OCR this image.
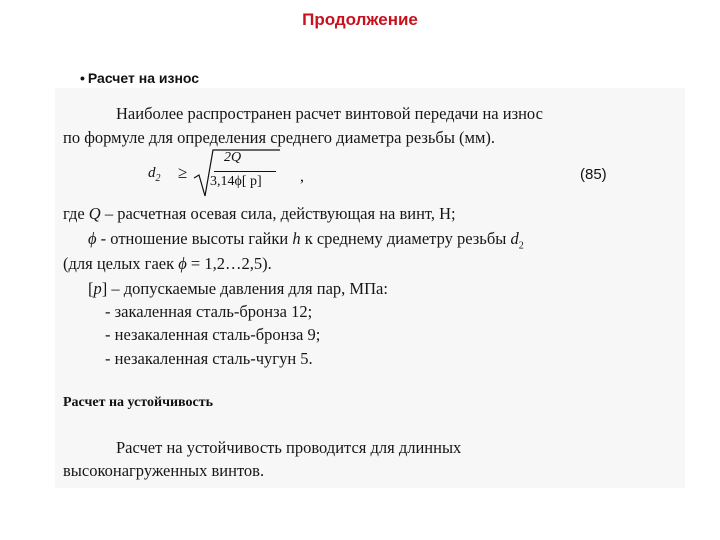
Продолжение
• Расчет на износ
Наиболее распространен расчет винтовой передачи на износ
по формуле для определения среднего диаметра резьбы (мм).
$d_2$ ≥
2Q
3,14ϕ[ p] ,	(85)
где Q – расчетная осевая сила, действующая на винт, Н;
ϕ - отношение высоты гайки h к среднему диаметру резьбы $d_2$
(для целых гаек ϕ = 1,2…2,5).
[p] – допускаемые давления для пар, МПа:
- закаленная сталь-бронза 12;
- незакаленная сталь-бронза 9;
- незакаленная сталь-чугун 5.
Расчет на устойчивость
Расчет на устойчивость проводится для длинных
высоконагруженных винтов.
